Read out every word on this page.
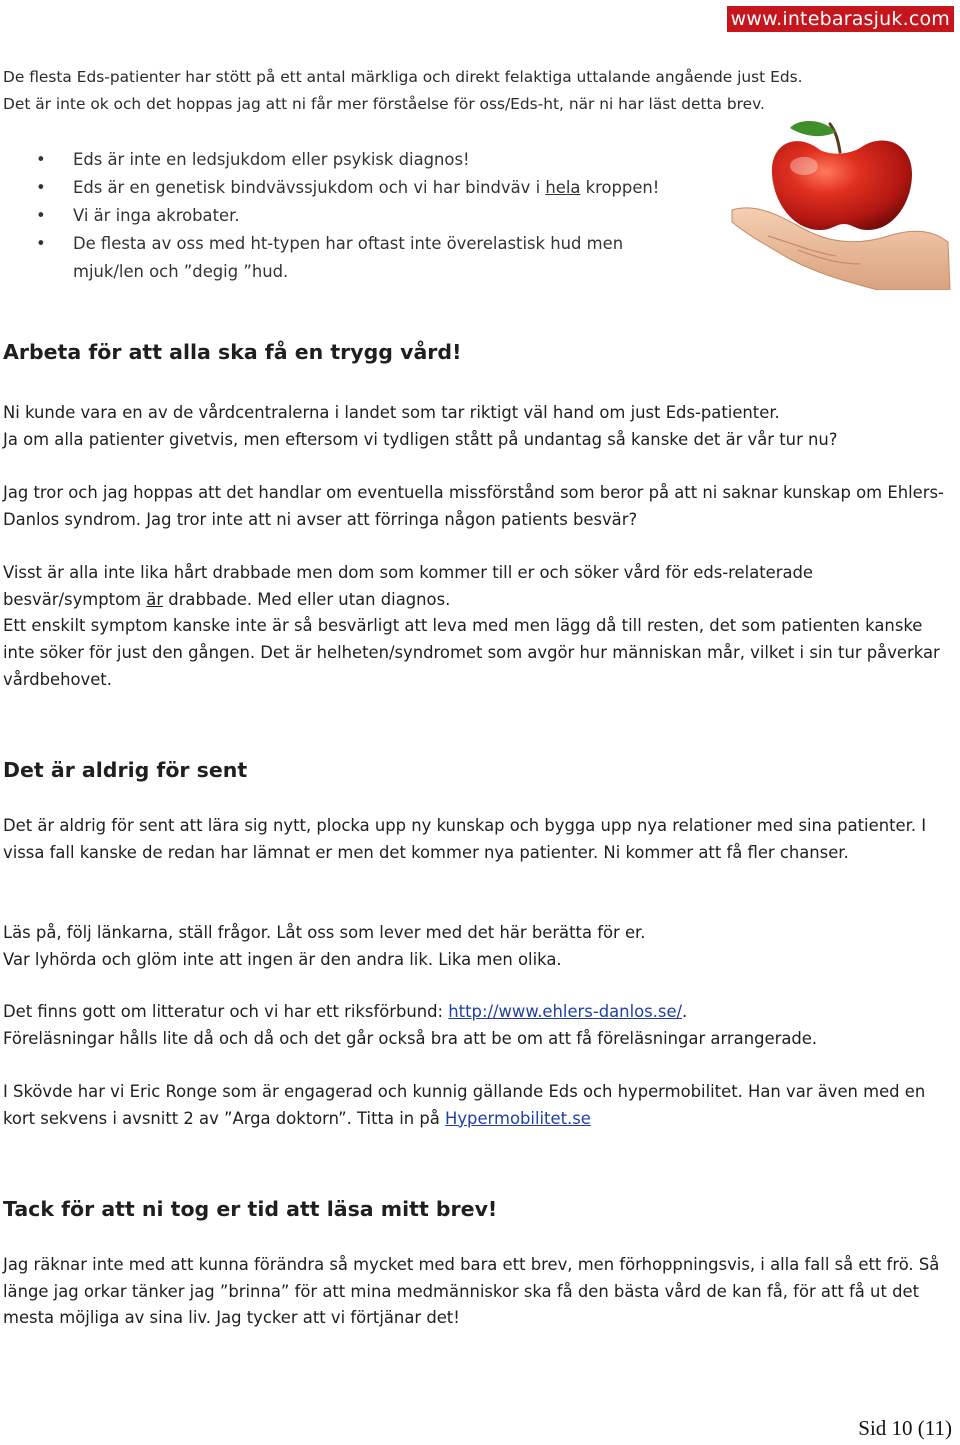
www.intebarasjuk.com

De flesta Eds-patienter har stött på ett antal märkliga och direkt felaktiga uttalande angående just Eds.

Det är inte ok och det hoppas jag att ni får mer förståelse för oss/Eds-ht, när ni har läst detta brev.

• Eds är inte en ledsjukdom eller psykisk diagnos!
• Eds är en genetisk bindvävssjukdom och vi har bindväv i hela kroppen!
• Vi är inga akrobater.
• De flesta av oss med ht-typen har oftast inte överelastisk hud men mjuk/len och ”degig ”hud.
Arbeta för att alla ska få en trygg vård!

Ni kunde vara en av de vårdcentralerna i landet som tar riktigt väl hand om just Eds-patienter.

Ja om alla patienter givetvis, men eftersom vi tydligen stått på undantag så kanske det är vår tur nu?

Jag tror och jag hoppas att det handlar om eventuella missförstånd som beror på att ni saknar kunskap om Ehlers- Danlos syndrom. Jag tror inte att ni avser att förringa någon patients besvär?

Visst är alla inte lika hårt drabbade men dom som kommer till er och söker vård för eds-relaterade besvär/symptom är drabbade. Med eller utan diagnos.

Ett enskilt symptom kanske inte är så besvärligt att leva med men lägg då till resten, det som patienten kanske inte söker för just den gången. Det är helheten/syndromet som avgör hur människan mår, vilket i sin tur påverkar vårdbehovet.

Det är aldrig för sent

Det är aldrig för sent att lära sig nytt, plocka upp ny kunskap och bygga upp nya relationer med sina patienter. I vissa fall kanske de redan har lämnat er men det kommer nya patienter. Ni kommer att få fler chanser.

Läs på, följ länkarna, ställ frågor. Låt oss som lever med det här berätta för er.

Var lyhörda och glöm inte att ingen är den andra lik. Lika men olika.

Det finns gott om litteratur och vi har ett riksförbund: http://www.ehlers-danlos.se/.

Föreläsningar hålls lite då och då och det går också bra att be om att få föreläsningar arrangerade.

I Skövde har vi Eric Ronge som är engagerad och kunnig gällande Eds och hypermobilitet. Han var även med en kort sekvens i avsnitt 2 av ”Arga doktorn”. Titta in på Hypermobilitet.se

Tack för att ni tog er tid att läsa mitt brev!

Jag räknar inte med att kunna förändra så mycket med bara ett brev, men förhoppningsvis, i alla fall så ett frö. Så länge jag orkar tänker jag ”brinna” för att mina medmänniskor ska få den bästa vård de kan få, för att få ut det mesta möjliga av sina liv. Jag tycker att vi förtjänar det!

Sid 10 (11)
